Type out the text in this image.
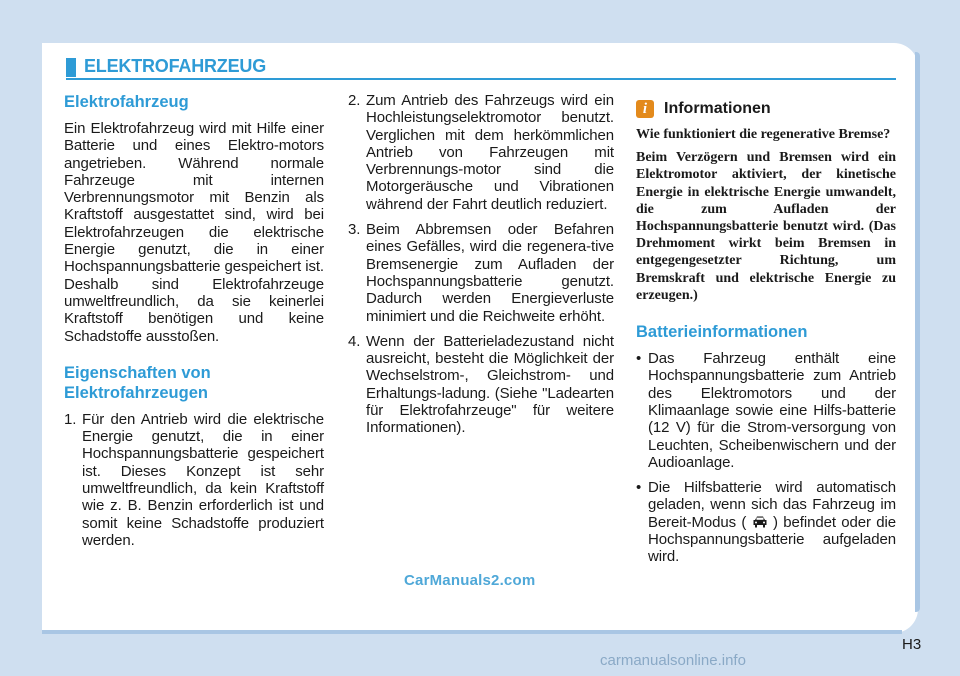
ELEKTROFAHRZEUG
Elektrofahrzeug

Ein Elektrofahrzeug wird mit Hilfe einer Batterie und eines Elektro-motors angetrieben. Während normale Fahrzeuge mit internen Verbrennungsmotor mit Benzin als Kraftstoff ausgestattet sind, wird bei Elektrofahrzeugen die elektrische Energie genutzt, die in einer Hochspannungsbatterie gespeichert ist. Deshalb sind Elektrofahrzeuge umweltfreundlich, da sie keinerlei Kraftstoff benötigen und keine Schadstoffe ausstoßen.

Eigenschaften von Elektrofahrzeugen
1. Für den Antrieb wird die elektrische Energie genutzt, die in einer Hochspannungsbatterie gespeichert ist. Dieses Konzept ist sehr umweltfreundlich, da kein Kraftstoff wie z. B. Benzin erforderlich ist und somit keine Schadstoffe produziert werden.
2. Zum Antrieb des Fahrzeugs wird ein Hochleistungselektromotor benutzt. Verglichen mit dem herkömmlichen Antrieb von Fahrzeugen mit Verbrennungs-motor sind die Motorgeräusche und Vibrationen während der Fahrt deutlich reduziert.
3. Beim Abbremsen oder Befahren eines Gefälles, wird die regenera-tive Bremsenergie zum Aufladen der Hochspannungsbatterie genutzt. Dadurch werden Energieverluste minimiert und die Reichweite erhöht.
4. Wenn der Batterieladezustand nicht ausreicht, besteht die Möglichkeit der Wechselstrom-, Gleichstrom- und Erhaltungs-ladung. (Siehe "Ladearten für Elektrofahrzeuge" für weitere Informationen).
i	Informationen

Wie funktioniert die regenerative Bremse?

Beim Verzögern und Bremsen wird ein Elektromotor aktiviert, der kinetische Energie in elektrische Energie umwandelt, die zum Aufladen der Hochspannungsbatterie benutzt wird. (Das Drehmoment wirkt beim Bremsen in entgegengesetzter Richtung, um Bremskraft und elektrische Energie zu erzeugen.)

Batterieinformationen
• Das Fahrzeug enthält eine Hochspannungsbatterie zum Antrieb des Elektromotors und der Klimaanlage sowie eine Hilfs-batterie (12 V) für die Strom-versorgung von Leuchten, Scheibenwischern und der Audioanlage.
• Die Hilfsbatterie wird automatisch geladen, wenn sich das Fahrzeug im Bereit-Modus ( ) befindet oder die Hochspannungsbatterie aufgeladen wird.
CarManuals2.com
H3
carmanualsonline.info
